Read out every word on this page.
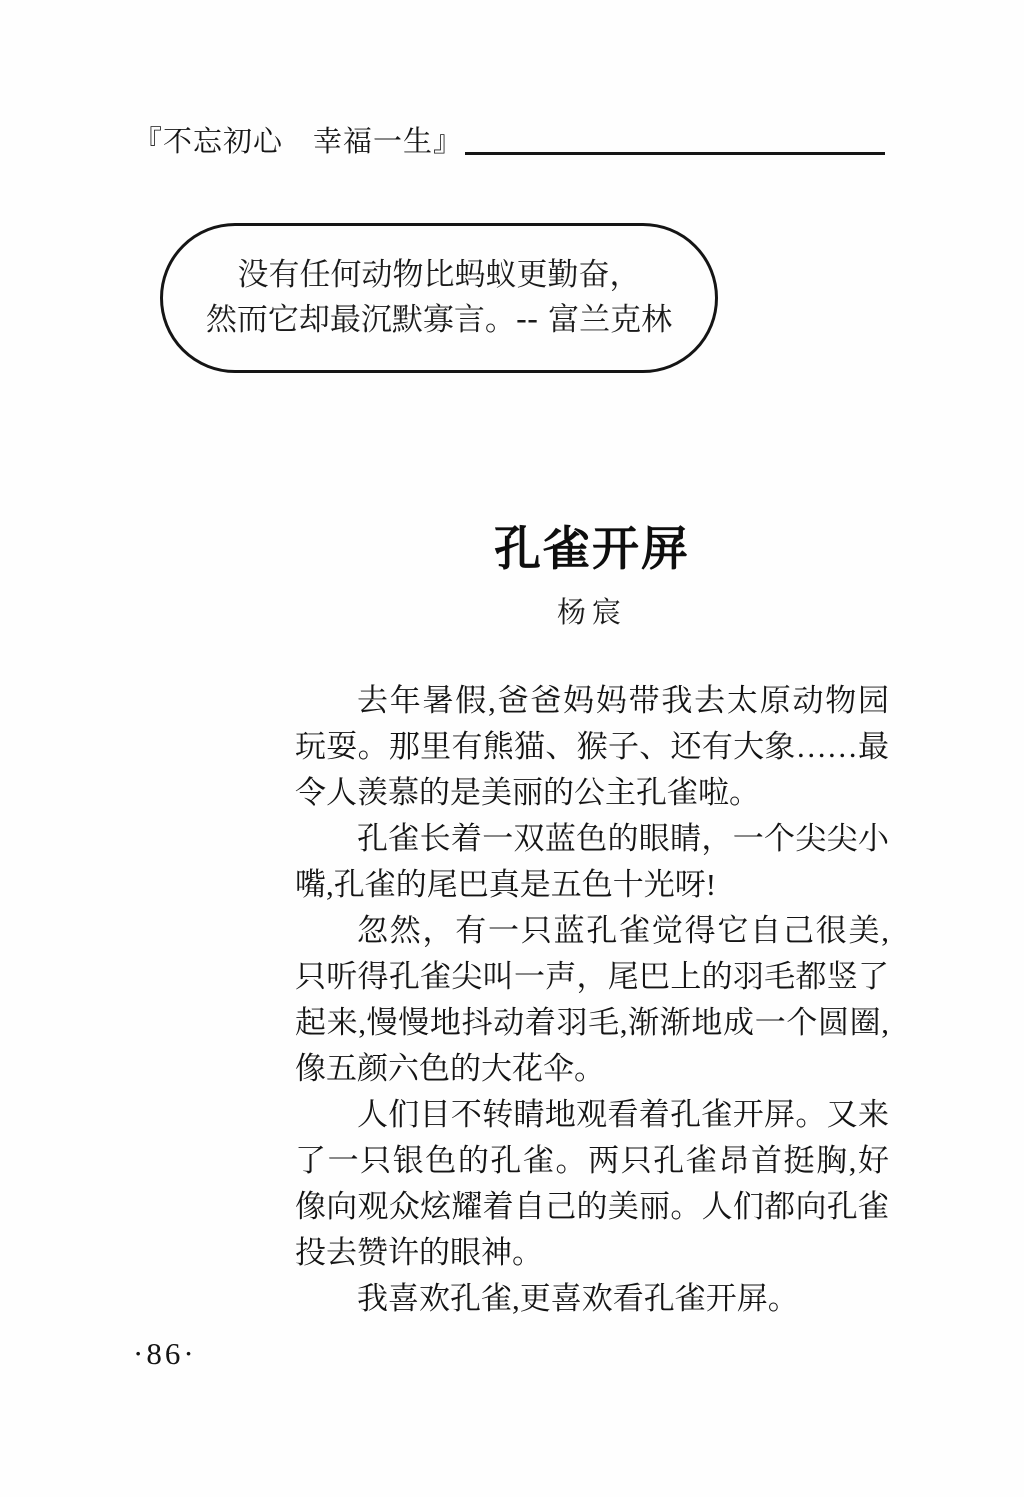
『不忘初心　幸福一生』
没有任何动物比蚂蚁更勤奋，
然而它却最沉默寡言。-- 富兰克林
孔雀开屏
杨宸

去年暑假,爸爸妈妈带我去太原动物园玩耍。那里有熊猫、猴子、还有大象……最令人羡慕的是美丽的公主孔雀啦。

孔雀长着一双蓝色的眼睛，一个尖尖小嘴,孔雀的尾巴真是五色十光呀!

忽然，有一只蓝孔雀觉得它自己很美,只听得孔雀尖叫一声，尾巴上的羽毛都竖了起来,慢慢地抖动着羽毛,渐渐地成一个圆圈,像五颜六色的大花伞。

人们目不转睛地观看着孔雀开屏。又来了一只银色的孔雀。两只孔雀昂首挺胸,好像向观众炫耀着自己的美丽。人们都向孔雀投去赞许的眼神。

我喜欢孔雀,更喜欢看孔雀开屏。

·86·
